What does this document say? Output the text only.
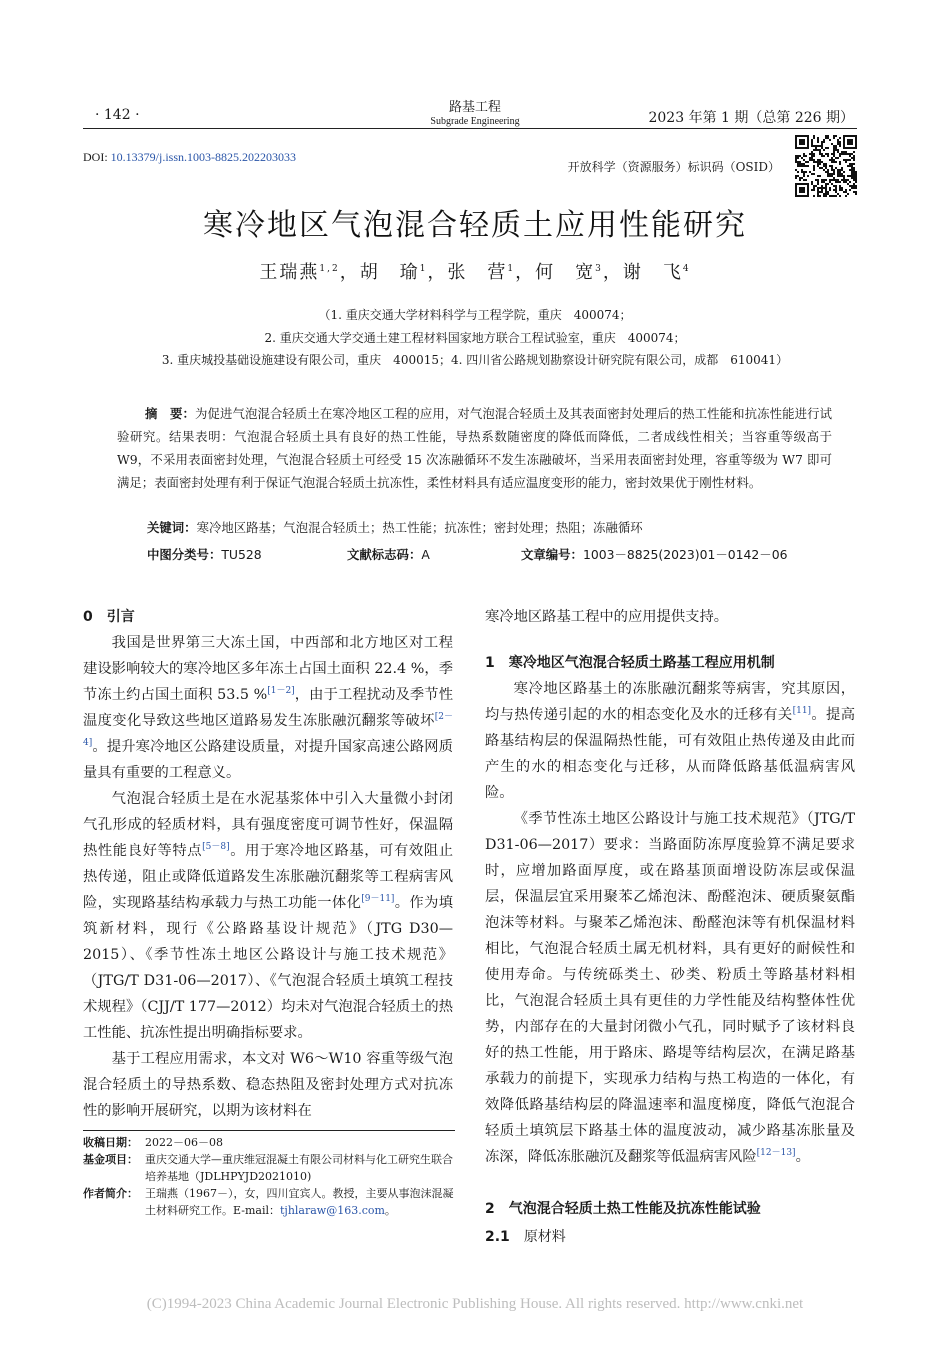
· 142 ·	路基工程
Subgrade Engineering	2023 年第 1 期（总第 226 期）
DOI: 10.13379/j.issn.1003-8825.202203033
开放科学（资源服务）标识码（OSID）
寒冷地区气泡混合轻质土应用性能研究
王瑞燕$^{1,2}$，胡　瑜$^1$，张　营$^1$，何　宽$^3$，谢　飞$^4$
（1. 重庆交通大学材料科学与工程学院，重庆　400074；
2. 重庆交通大学交通土建工程材料国家地方联合工程试验室，重庆　400074；
3. 重庆城投基础设施建设有限公司，重庆　400015；4. 四川省公路规划勘察设计研究院有限公司，成都　610041）
摘　要：为促进气泡混合轻质土在寒冷地区工程的应用，对气泡混合轻质土及其表面密封处理后的热工性能和抗冻性能进行试验研究。结果表明：气泡混合轻质土具有良好的热工性能，导热系数随密度的降低而降低，二者成线性相关；当容重等级高于 W9，不采用表面密封处理，气泡混合轻质土可经受 15 次冻融循环不发生冻融破坏，当采用表面密封处理，容重等级为 W7 即可满足；表面密封处理有利于保证气泡混合轻质土抗冻性，柔性材料具有适应温度变形的能力，密封效果优于刚性材料。
关键词：寒冷地区路基；气泡混合轻质土；热工性能；抗冻性；密封处理；热阻；冻融循环
中图分类号：TU528	文献标志码：A	文章编号：1003－8825(2023)01－0142－06
0　引言

我国是世界第三大冻土国，中西部和北方地区对工程建设影响较大的寒冷地区多年冻土占国土面积 22.4 %，季节冻土约占国土面积 53.5 %[1－2]，由于工程扰动及季节性温度变化导致这些地区道路易发生冻胀融沉翻浆等破坏[2－4]。提升寒冷地区公路建设质量，对提升国家高速公路网质量具有重要的工程意义。

气泡混合轻质土是在水泥基浆体中引入大量微小封闭气孔形成的轻质材料，具有强度密度可调节性好，保温隔热性能良好等特点[5－8]。用于寒冷地区路基，可有效阻止热传递，阻止或降低道路发生冻胀融沉翻浆等工程病害风险，实现路基结构承载力与热工功能一体化[9－11]。作为填筑新材料，现行《公路路基设计规范》（JTG D30—2015）、《季节性冻土地区公路设计与施工技术规范》（JTG/T D31-06—2017）、《气泡混合轻质土填筑工程技术规程》（CJJ/T 177—2012）均未对气泡混合轻质土的热工性能、抗冻性提出明确指标要求。

基于工程应用需求，本文对 W6～W10 容重等级气泡混合轻质土的导热系数、稳态热阻及密封处理方式对抗冻性的影响开展研究，以期为该材料在

收稿日期： 2022－06－08
基金项目： 重庆交通大学—重庆维冠混凝土有限公司材料与化工研究生联合培养基地（JDLHPYJD2021010)
作者简介： 王瑞燕（1967－），女，四川宜宾人。教授，主要从事泡沫混凝土材料研究工作。E-mail：tjhlaraw@163.com。

寒冷地区路基工程中的应用提供支持。

1　寒冷地区气泡混合轻质土路基工程应用机制

寒冷地区路基土的冻胀融沉翻浆等病害，究其原因，均与热传递引起的水的相态变化及水的迁移有关[11]。提高路基结构层的保温隔热性能，可有效阻止热传递及由此而产生的水的相态变化与迁移，从而降低路基低温病害风险。

《季节性冻土地区公路设计与施工技术规范》（JTG/T D31-06—2017）要求：当路面防冻厚度验算不满足要求时，应增加路面厚度，或在路基顶面增设防冻层或保温层，保温层宜采用聚苯乙烯泡沫、酚醛泡沫、硬质聚氨酯泡沫等材料。与聚苯乙烯泡沫、酚醛泡沫等有机保温材料相比，气泡混合轻质土属无机材料，具有更好的耐候性和使用寿命。与传统砾类土、砂类、粉质土等路基材料相比，气泡混合轻质土具有更佳的力学性能及结构整体性优势，内部存在的大量封闭微小气孔，同时赋予了该材料良好的热工性能，用于路床、路堤等结构层次，在满足路基承载力的前提下，实现承力结构与热工构造的一体化，有效降低路基结构层的降温速率和温度梯度，降低气泡混合轻质土填筑层下路基土体的温度波动，减少路基冻胀量及冻深，降低冻胀融沉及翻浆等低温病害风险[12－13]。

2　气泡混合轻质土热工性能及抗冻性能试验
2.1　 原材料
(C)1994-2023 China Academic Journal Electronic Publishing House. All rights reserved. http://www.cnki.net
